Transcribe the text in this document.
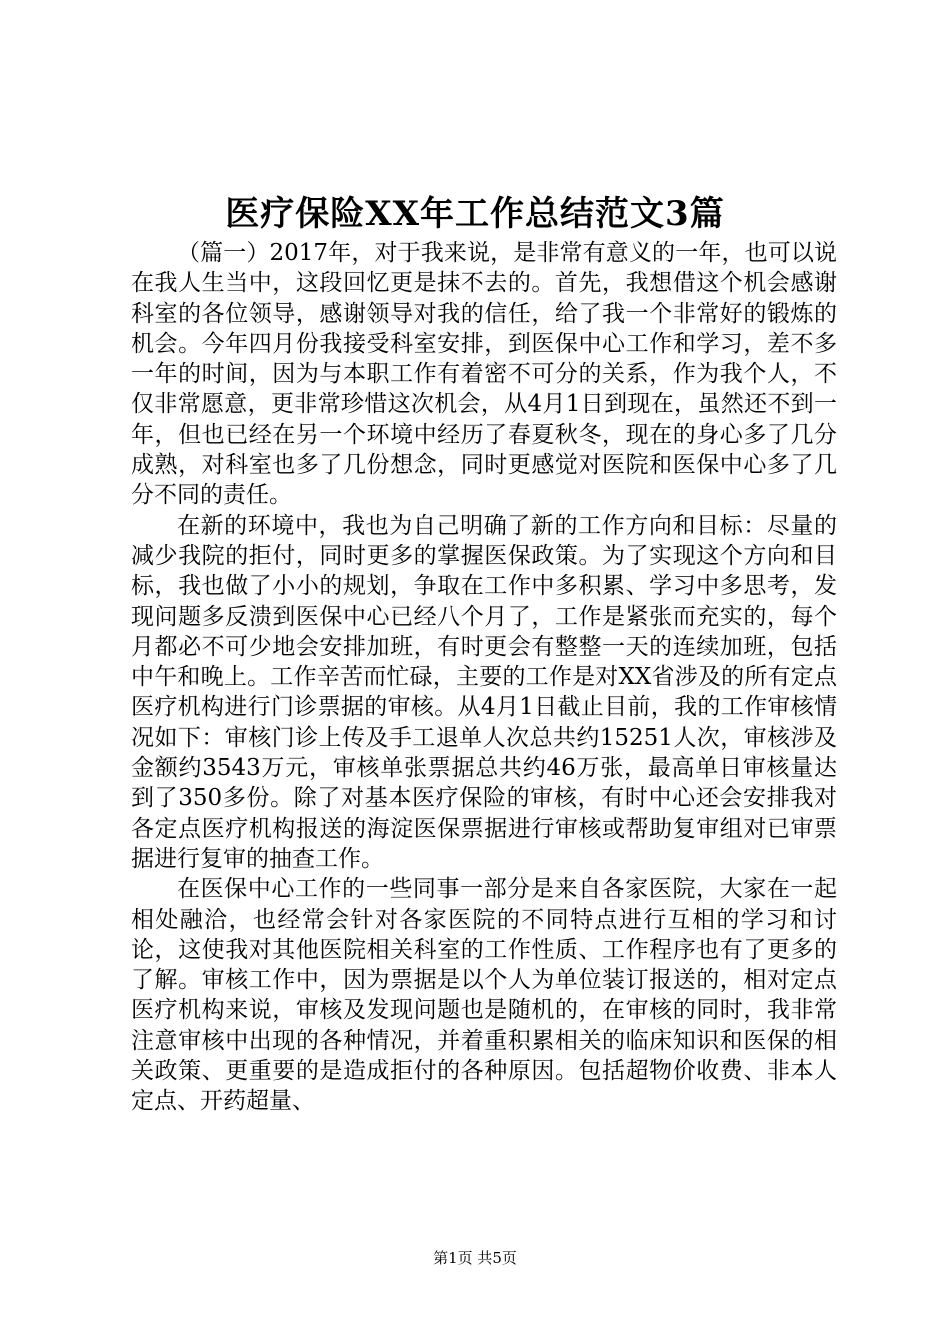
医疗保险XX年工作总结范文3篇

（篇一）2017年，对于我来说，是非常有意义的一年，也可以说在我人生当中，这段回忆更是抹不去的。首先，我想借这个机会感谢科室的各位领导，感谢领导对我的信任，给了我一个非常好的锻炼的机会。今年四月份我接受科室安排，到医保中心工作和学习，差不多一年的时间，因为与本职工作有着密不可分的关系，作为我个人，不仅非常愿意，更非常珍惜这次机会，从4月1日到现在，虽然还不到一年，但也已经在另一个环境中经历了春夏秋冬，现在的身心多了几分成熟，对科室也多了几份想念，同时更感觉对医院和医保中心多了几分不同的责任。

在新的环境中，我也为自己明确了新的工作方向和目标：尽量的减少我院的拒付，同时更多的掌握医保政策。为了实现这个方向和目标，我也做了小小的规划，争取在工作中多积累、学习中多思考，发现问题多反溃到医保中心已经八个月了，工作是紧张而充实的，每个月都必不可少地会安排加班，有时更会有整整一天的连续加班，包括中午和晚上。工作辛苦而忙碌，主要的工作是对XX省涉及的所有定点医疗机构进行门诊票据的审核。从4月1日截止目前，我的工作审核情况如下：审核门诊上传及手工退单人次总共约15251人次，审核涉及金额约3543万元，审核单张票据总共约46万张，最高单日审核量达到了350多份。除了对基本医疗保险的审核，有时中心还会安排我对各定点医疗机构报送的海淀医保票据进行审核或帮助复审组对已审票据进行复审的抽查工作。

在医保中心工作的一些同事一部分是来自各家医院，大家在一起相处融洽，也经常会针对各家医院的不同特点进行互相的学习和讨论，这使我对其他医院相关科室的工作性质、工作程序也有了更多的了解。审核工作中，因为票据是以个人为单位装订报送的，相对定点医疗机构来说，审核及发现问题也是随机的，在审核的同时，我非常注意审核中出现的各种情况，并着重积累相关的临床知识和医保的相关政策、更重要的是造成拒付的各种原因。包括超物价收费、非本人定点、开药超量、

第1页 共5页
